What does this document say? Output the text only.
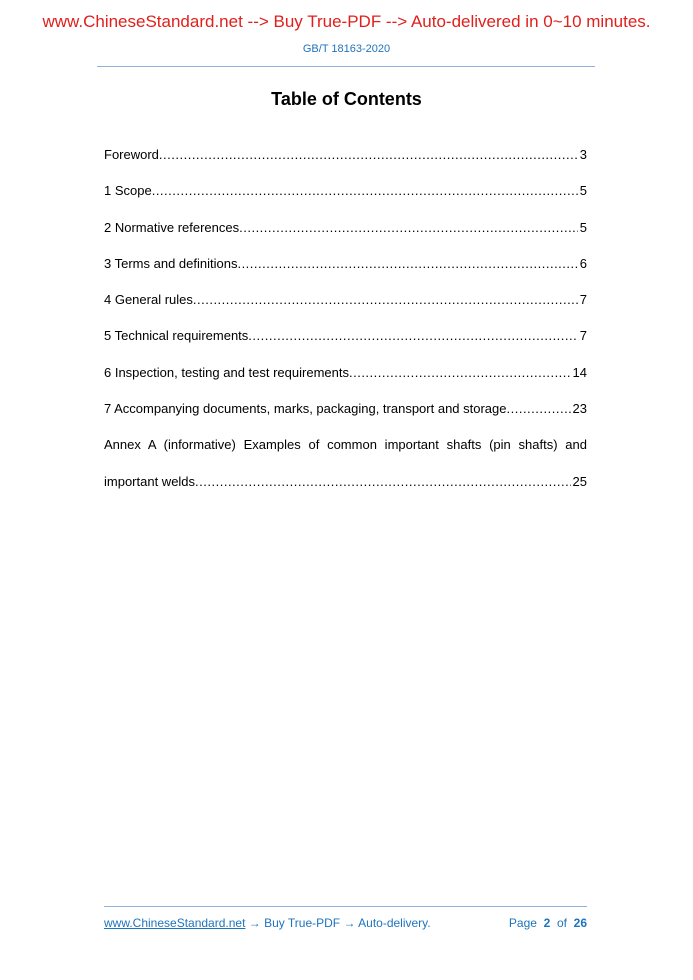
www.ChineseStandard.net --> Buy True-PDF --> Auto-delivered in 0~10 minutes.
GB/T 18163-2020
Table of Contents
Foreword .....	3
1 Scope .....	5
2 Normative references .....	5
3 Terms and definitions .....	6
4 General rules .....	7
5 Technical requirements .....	7
6 Inspection, testing and test requirements .....	14
7 Accompanying documents, marks, packaging, transport and storage .....	23
Annex A (informative) Examples of common important shafts (pin shafts) and
important welds .....	25
www.ChineseStandard.net → Buy True-PDF → Auto-delivery.	Page 2 of 26
